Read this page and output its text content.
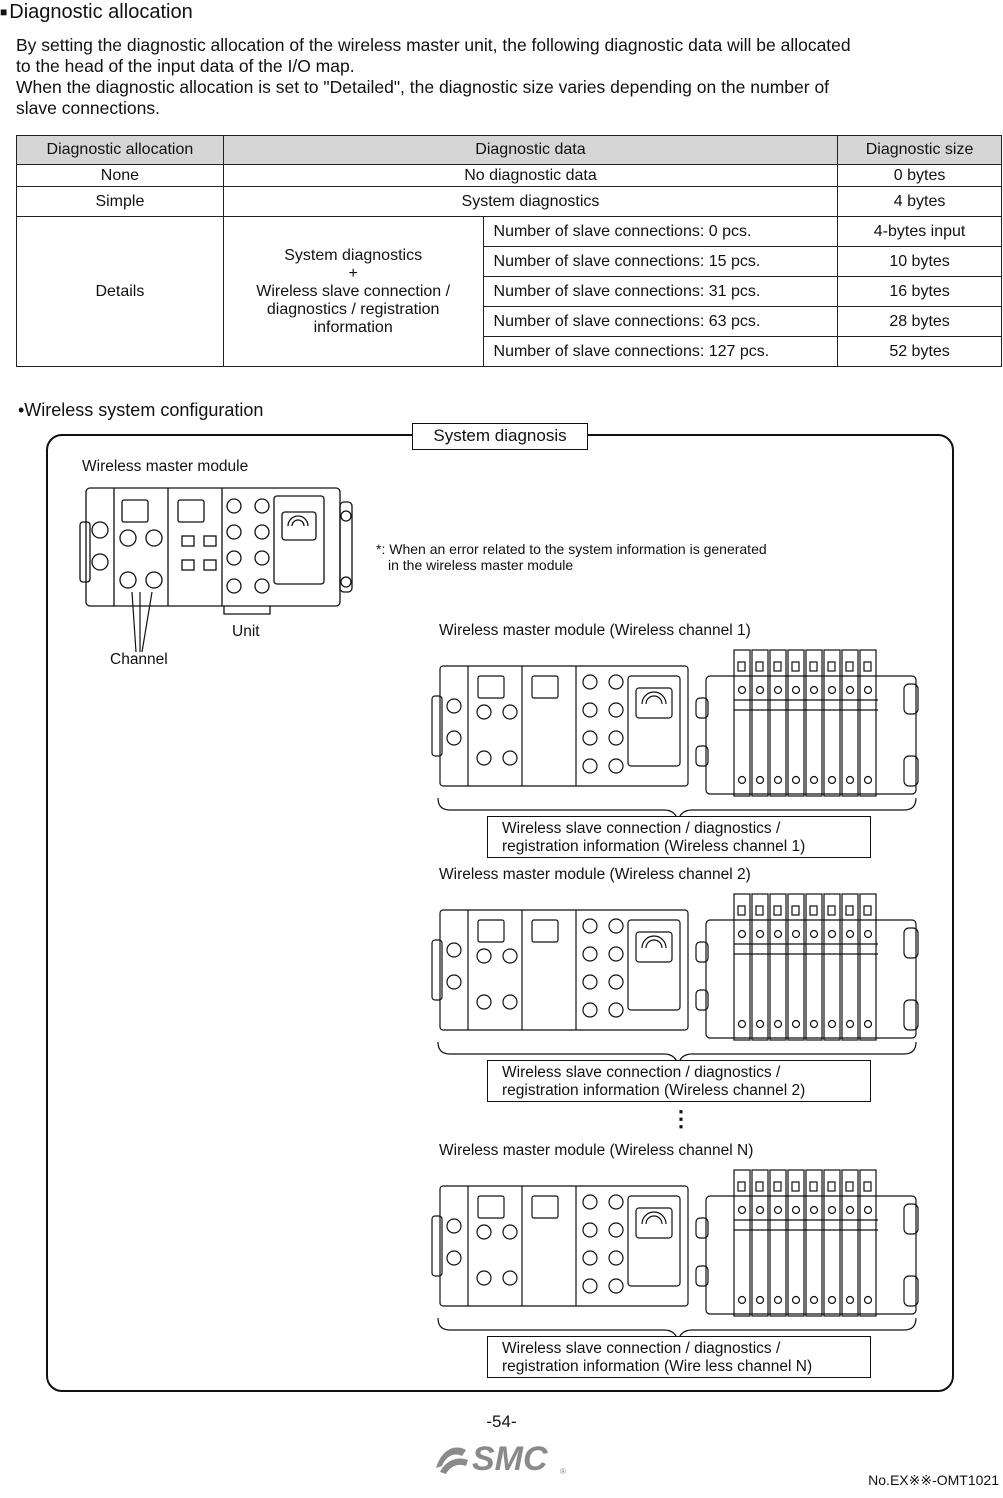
■ Diagnostic allocation
By setting the diagnostic allocation of the wireless master unit, the following diagnostic data will be allocated
to the head of the input data of the I/O map.
When the diagnostic allocation is set to "Detailed", the diagnostic size varies depending on the number of
slave connections.
Diagnostic allocation	Diagnostic data		Diagnostic size
None	No diagnostic data		0 bytes
Simple	System diagnostics		4 bytes
Details	System diagnostics
+
Wireless slave connection /
diagnostics / registration
information	Number of slave connections: 0 pcs.	4-bytes input
		Number of slave connections: 15 pcs.	10 bytes
		Number of slave connections: 31 pcs.	16 bytes
		Number of slave connections: 63 pcs.	28 bytes
		Number of slave connections: 127 pcs.	52 bytes
•Wireless system configuration
System diagnosis
Wireless master module
Unit
Channel
*: When an error related to the system information is generated
in the wireless master module
Wireless master module (Wireless channel 1)
Wireless slave connection / diagnostics /
registration information (Wireless channel 1)
Wireless master module (Wireless channel 2)
Wireless slave connection / diagnostics /
registration information (Wireless channel 2)
Wireless master module (Wireless channel N)
Wireless slave connection / diagnostics /
registration information (Wire less channel N)
⋮
-54-
SMC ®
No.EX※※-OMT1021
